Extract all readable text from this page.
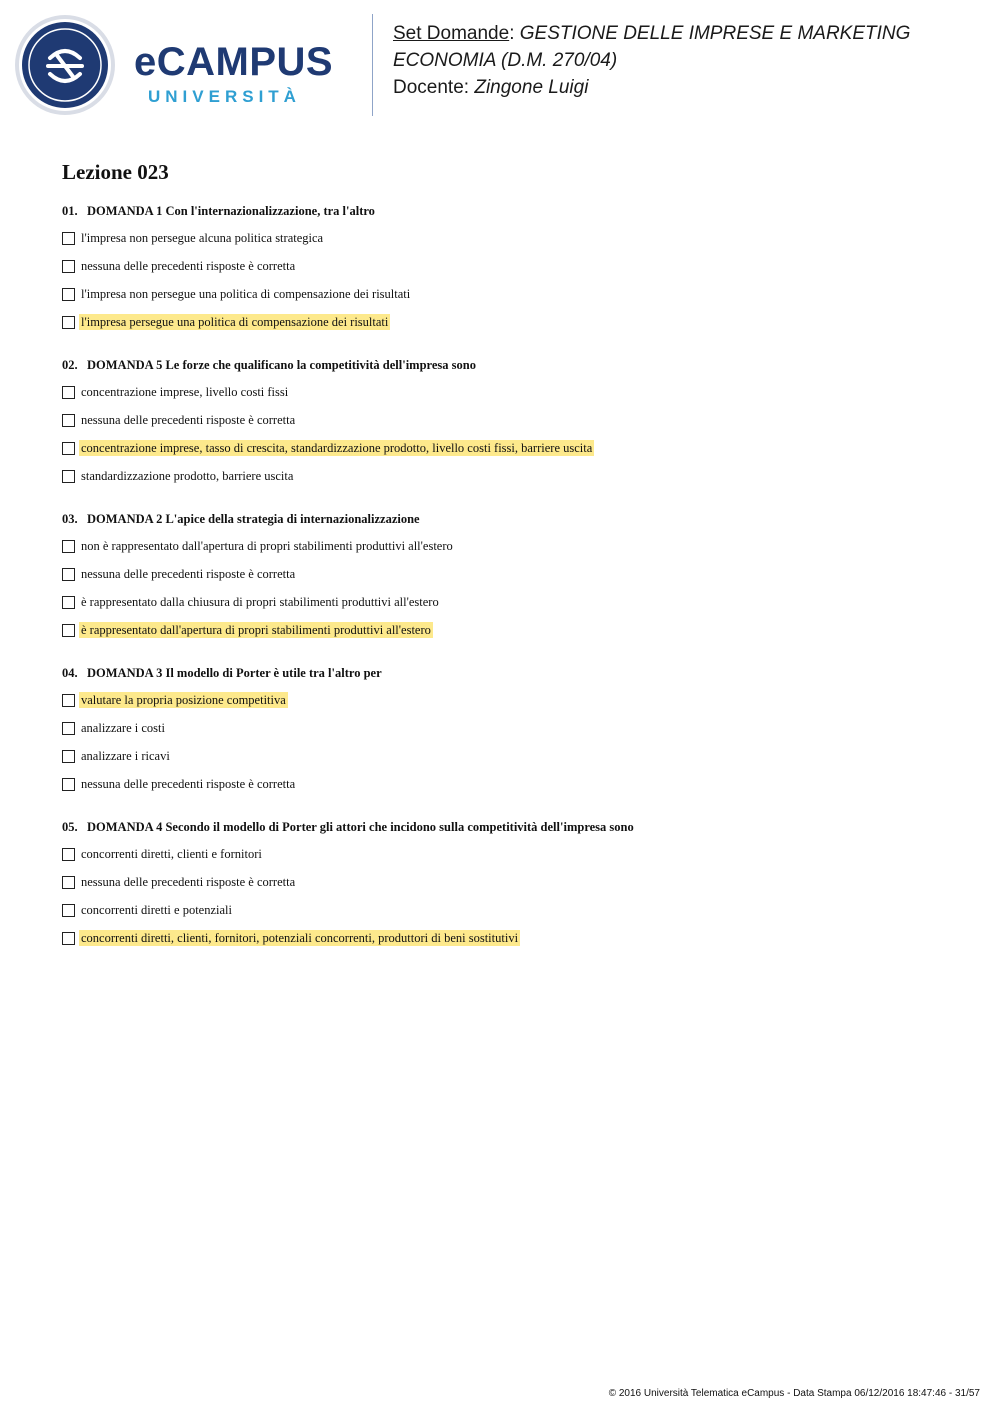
eCAMPUS
UNIVERSITÀ
Set Domande: GESTIONE DELLE IMPRESE E MARKETING ECONOMIA (D.M. 270/04)
Docente: Zingone Luigi
Lezione 023
01. DOMANDA 1 Con l'internazionalizzazione, tra l'altro
l'impresa non persegue alcuna politica strategica
nessuna delle precedenti risposte è corretta
l'impresa non persegue una politica di compensazione dei risultati
l'impresa persegue una politica di compensazione dei risultati
02. DOMANDA 5 Le forze che qualificano la competitività dell'impresa sono
concentrazione imprese, livello costi fissi
nessuna delle precedenti risposte è corretta
concentrazione imprese, tasso di crescita, standardizzazione prodotto, livello costi fissi, barriere uscita
standardizzazione prodotto, barriere uscita
03. DOMANDA 2 L'apice della strategia di internazionalizzazione
non è rappresentato dall'apertura di propri stabilimenti produttivi all'estero
nessuna delle precedenti risposte è corretta
è rappresentato dalla chiusura di propri stabilimenti produttivi all'estero
è rappresentato dall'apertura di propri stabilimenti produttivi all'estero
04. DOMANDA 3 Il modello di Porter è utile tra l'altro per
valutare la propria posizione competitiva
analizzare i costi
analizzare i ricavi
nessuna delle precedenti risposte è corretta
05. DOMANDA 4 Secondo il modello di Porter gli attori che incidono sulla competitività dell'impresa sono
concorrenti diretti, clienti e fornitori
nessuna delle precedenti risposte è corretta
concorrenti diretti e potenziali
concorrenti diretti, clienti, fornitori, potenziali concorrenti, produttori di beni sostitutivi
© 2016 Università Telematica eCampus - Data Stampa 06/12/2016 18:47:46 - 31/57
